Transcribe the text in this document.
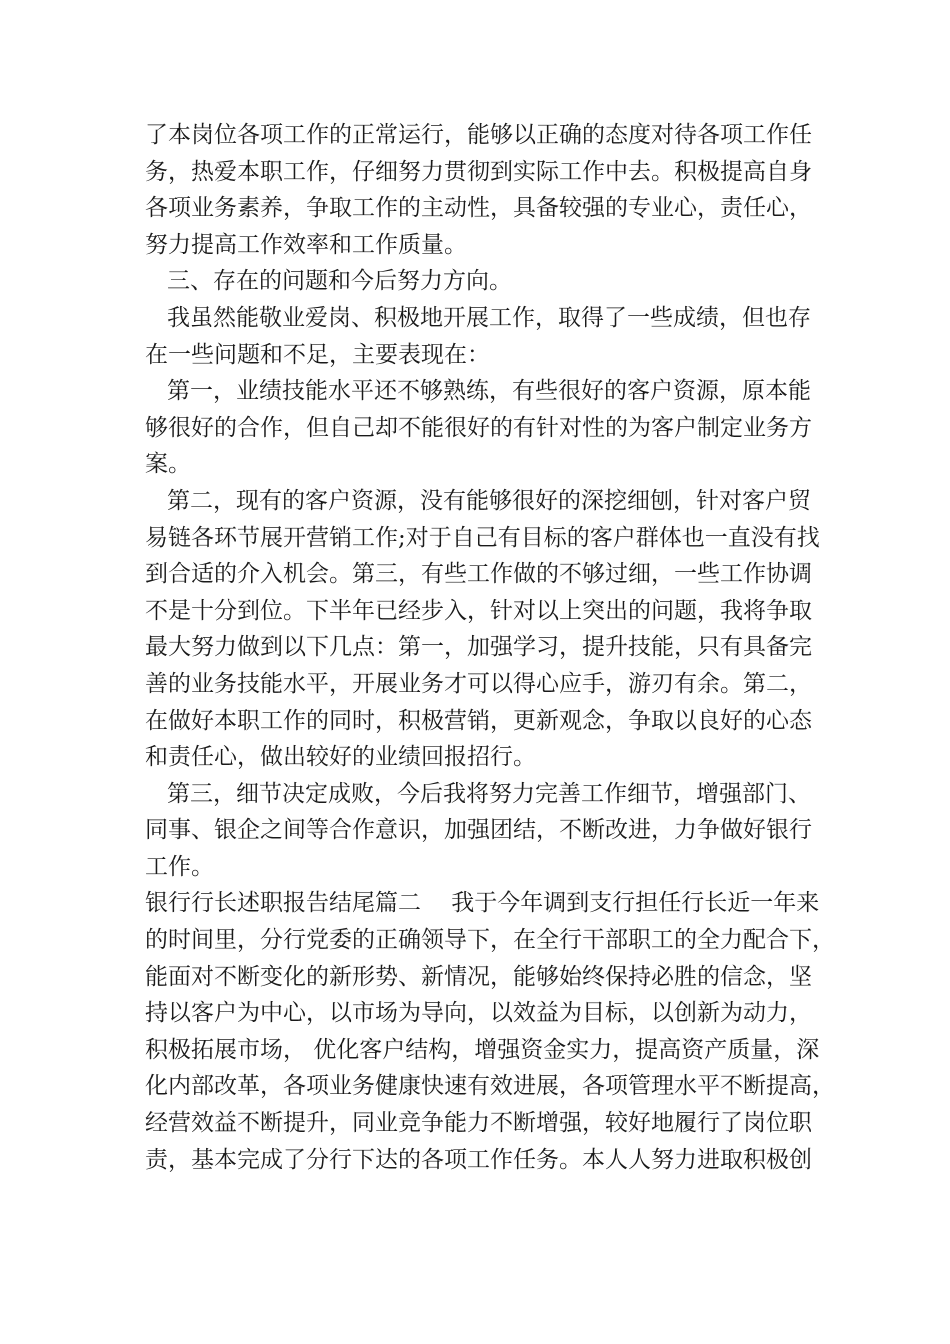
了本岗位各项工作的正常运行，能够以正确的态度对待各项工作任
务，热爱本职工作，仔细努力贯彻到实际工作中去。积极提高自身
各项业务素养，争取工作的主动性，具备较强的专业心，责任心，
努力提高工作效率和工作质量。
三、存在的问题和今后努力方向。
我虽然能敬业爱岗、积极地开展工作，取得了一些成绩，但也存
在一些问题和不足，主要表现在：
第一，业绩技能水平还不够熟练，有些很好的客户资源，原本能
够很好的合作，但自己却不能很好的有针对性的为客户制定业务方
案。
第二，现有的客户资源，没有能够很好的深挖细刨，针对客户贸
易链各环节展开营销工作;对于自己有目标的客户群体也一直没有找
到合适的介入机会。第三，有些工作做的不够过细，一些工作协调
不是十分到位。下半年已经步入，针对以上突出的问题，我将争取
最大努力做到以下几点：第一，加强学习，提升技能，只有具备完
善的业务技能水平，开展业务才可以得心应手，游刃有余。第二，
在做好本职工作的同时，积极营销，更新观念，争取以良好的心态
和责任心，做出较好的业绩回报招行。
第三，细节决定成败，今后我将努力完善工作细节，增强部门、
同事、银企之间等合作意识，加强团结，不断改进，力争做好银行
工作。
银行行长述职报告结尾篇二　 我于今年调到支行担任行长近一年来
的时间里，分行党委的正确领导下，在全行干部职工的全力配合下，
能面对不断变化的新形势、新情况，能够始终保持必胜的信念，坚
持以客户为中心，以市场为导向，以效益为目标，以创新为动力，
积极拓展市场， 优化客户结构，增强资金实力，提高资产质量，深
化内部改革，各项业务健康快速有效进展，各项管理水平不断提高，
经营效益不断提升，同业竞争能力不断增强，较好地履行了岗位职
责，基本完成了分行下达的各项工作任务。本人人努力进取积极创
